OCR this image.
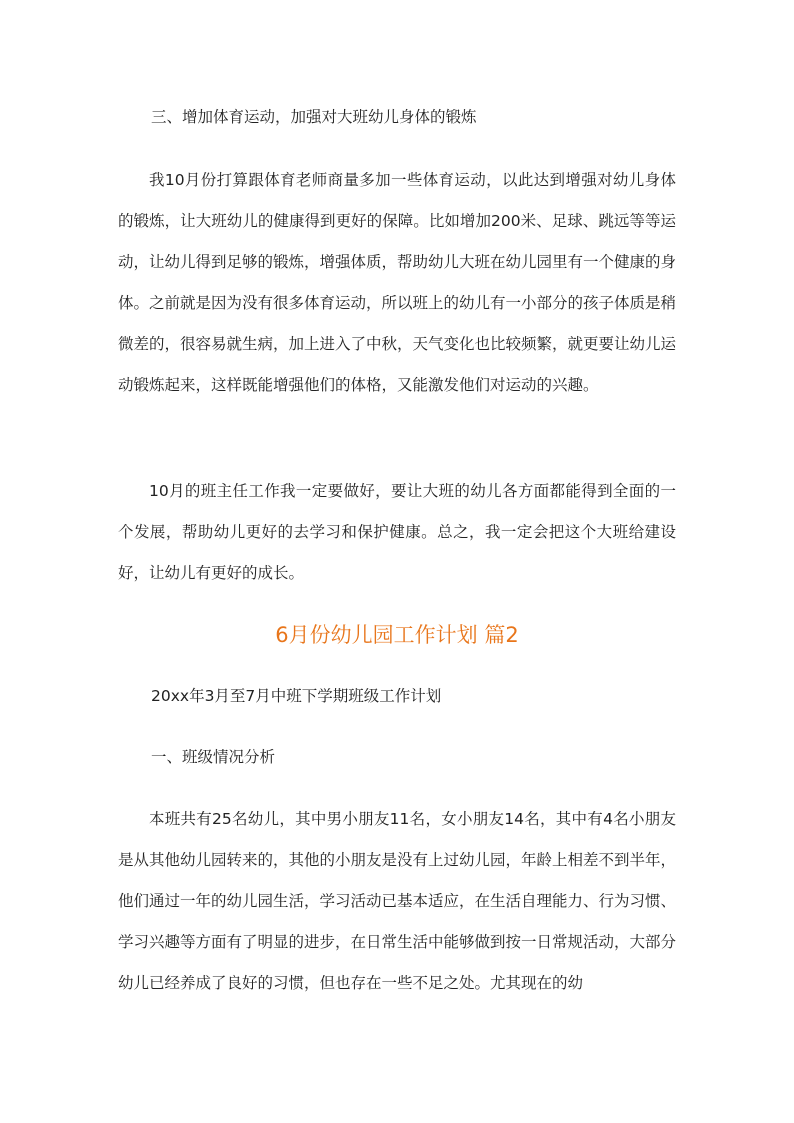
三、增加体育运动，加强对大班幼儿身体的锻炼
我10月份打算跟体育老师商量多加一些体育运动，以此达到增强对幼儿身体的锻炼，让大班幼儿的健康得到更好的保障。比如增加200米、足球、跳远等等运动，让幼儿得到足够的锻炼，增强体质，帮助幼儿大班在幼儿园里有一个健康的身体。之前就是因为没有很多体育运动，所以班上的幼儿有一小部分的孩子体质是稍微差的，很容易就生病，加上进入了中秋，天气变化也比较频繁，就更要让幼儿运动锻炼起来，这样既能增强他们的体格，又能激发他们对运动的兴趣。
10月的班主任工作我一定要做好，要让大班的幼儿各方面都能得到全面的一个发展，帮助幼儿更好的去学习和保护健康。总之，我一定会把这个大班给建设好，让幼儿有更好的成长。
6月份幼儿园工作计划 篇2
20xx年3月至7月中班下学期班级工作计划
一、班级情况分析
本班共有25名幼儿，其中男小朋友11名，女小朋友14名，其中有4名小朋友是从其他幼儿园转来的，其他的小朋友是没有上过幼儿园，年龄上相差不到半年，他们通过一年的幼儿园生活，学习活动已基本适应，在生活自理能力、行为习惯、学习兴趣等方面有了明显的进步，在日常生活中能够做到按一日常规活动，大部分幼儿已经养成了良好的习惯，但也存在一些不足之处。尤其现在的幼
